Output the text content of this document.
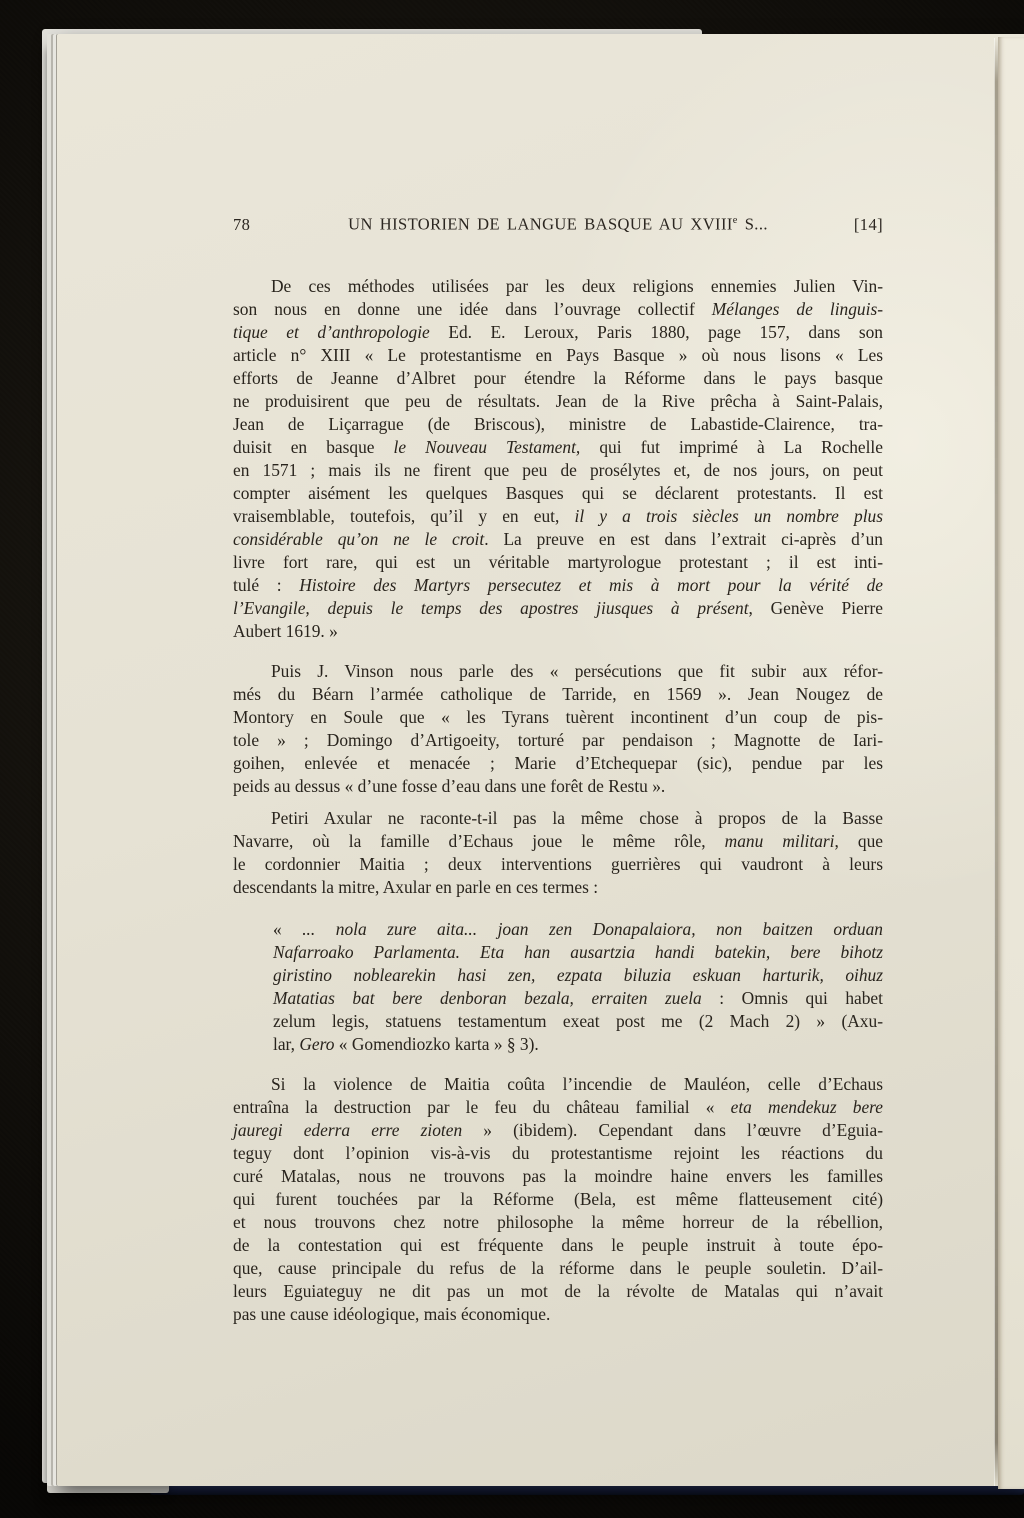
78	UN HISTORIEN DE LANGUE BASQUE AU XVIIIe S...	[14]
De ces méthodes utilisées par les deux religions ennemies Julien Vin-
son nous en donne une idée dans l’ouvrage collectif Mélanges de linguis-
tique et d’anthropologie Ed. E. Leroux, Paris 1880, page 157, dans son
article n° XIII « Le protestantisme en Pays Basque » où nous lisons « Les
efforts de Jeanne d’Albret pour étendre la Réforme dans le pays basque
ne produisirent que peu de résultats. Jean de la Rive prêcha à Saint-Palais,
Jean de Liçarrague (de Briscous), ministre de Labastide-Clairence, tra-
duisit en basque le Nouveau Testament, qui fut imprimé à La Rochelle
en 1571 ; mais ils ne firent que peu de prosélytes et, de nos jours, on peut
compter aisément les quelques Basques qui se déclarent protestants. Il est
vraisemblable, toutefois, qu’il y en eut, il y a trois siècles un nombre plus
considérable qu’on ne le croit. La preuve en est dans l’extrait ci-après d’un
livre fort rare, qui est un véritable martyrologue protestant ; il est inti-
tulé : Histoire des Martyrs persecutez et mis à mort pour la vérité de
l’Evangile, depuis le temps des apostres jiusques à présent, Genève Pierre
Aubert 1619. »
Puis J. Vinson nous parle des « persécutions que fit subir aux réfor-
més du Béarn l’armée catholique de Tarride, en 1569 ». Jean Nougez de
Montory en Soule que « les Tyrans tuèrent incontinent d’un coup de pis-
tole » ; Domingo d’Artigoeity, torturé par pendaison ; Magnotte de Iari-
goihen, enlevée et menacée ; Marie d’Etchequepar (sic), pendue par les
peids au dessus « d’une fosse d’eau dans une forêt de Restu ».
Petiri Axular ne raconte-t-il pas la même chose à propos de la Basse
Navarre, où la famille d’Echaus joue le même rôle, manu militari, que
le cordonnier Maitia ; deux interventions guerrières qui vaudront à leurs
descendants la mitre, Axular en parle en ces termes :
« ... nola zure aita... joan zen Donapalaiora, non baitzen orduan
Nafarroako Parlamenta. Eta han ausartzia handi batekin, bere bihotz
giristino noblearekin hasi zen, ezpata biluzia eskuan harturik, oihuz
Matatias bat bere denboran bezala, erraiten zuela : Omnis qui habet
zelum legis, statuens testamentum exeat post me (2 Mach 2) » (Axu-
lar, Gero « Gomendiozko karta » § 3).
Si la violence de Maitia coûta l’incendie de Mauléon, celle d’Echaus
entraîna la destruction par le feu du château familial « eta mendekuz bere
jauregi ederra erre zioten » (ibidem). Cependant dans l’œuvre d’Eguia-
teguy dont l’opinion vis-à-vis du protestantisme rejoint les réactions du
curé Matalas, nous ne trouvons pas la moindre haine envers les familles
qui furent touchées par la Réforme (Bela, est même flatteusement cité)
et nous trouvons chez notre philosophe la même horreur de la rébellion,
de la contestation qui est fréquente dans le peuple instruit à toute épo-
que, cause principale du refus de la réforme dans le peuple souletin. D’ail-
leurs Eguiateguy ne dit pas un mot de la révolte de Matalas qui n’avait
pas une cause idéologique, mais économique.
